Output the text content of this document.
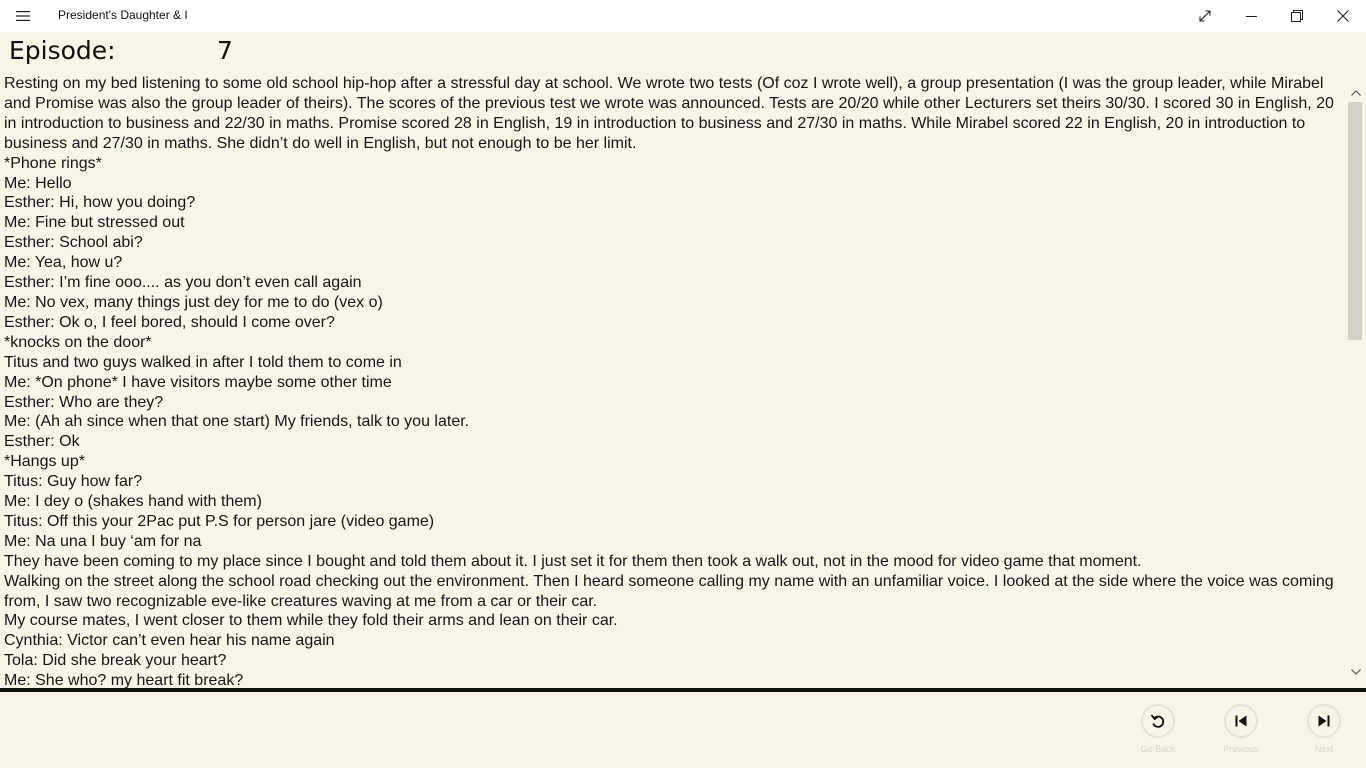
President's Daughter & I
Episode:	7

Resting on my bed listening to some old school hip-hop after a stressful day at school. We wrote two tests (Of coz I wrote well), a group presentation (I was the group leader, while Mirabel and Promise was also the group leader of theirs). The scores of the previous test we wrote was announced. Tests are 20/20 while other Lecturers set theirs 30/30. I scored 30 in English, 20 in introduction to business and 22/30 in maths. Promise scored 28 in English, 19 in introduction to business and 27/30 in maths. While Mirabel scored 22 in English, 20 in introduction to business and 27/30 in maths. She didn’t do well in English, but not enough to be her limit.

*Phone rings*

Me: Hello

Esther: Hi, how you doing?

Me: Fine but stressed out

Esther: School abi?

Me: Yea, how u?

Esther: I’m fine ooo.... as you don’t even call again

Me: No vex, many things just dey for me to do (vex o)

Esther: Ok o, I feel bored, should I come over?

*knocks on the door*

Titus and two guys walked in after I told them to come in

Me: *On phone* I have visitors maybe some other time

Esther: Who are they?

Me: (Ah ah since when that one start) My friends, talk to you later.

Esther: Ok

*Hangs up*

Titus: Guy how far?

Me: I dey o (shakes hand with them)

Titus: Off this your 2Pac put P.S for person jare (video game)

Me: Na una I buy ‘am for na

They have been coming to my place since I bought and told them about it. I just set it for them then took a walk out, not in the mood for video game that moment.

Walking on the street along the school road checking out the environment. Then I heard someone calling my name with an unfamiliar voice. I looked at the side where the voice was coming from, I saw two recognizable eve-like creatures waving at me from a car or their car.

My course mates, I went closer to them while they fold their arms and lean on their car.

Cynthia: Victor can’t even hear his name again

Tola: Did she break your heart?

Me: She who? my heart fit break?

Go Back	Previous	Next
